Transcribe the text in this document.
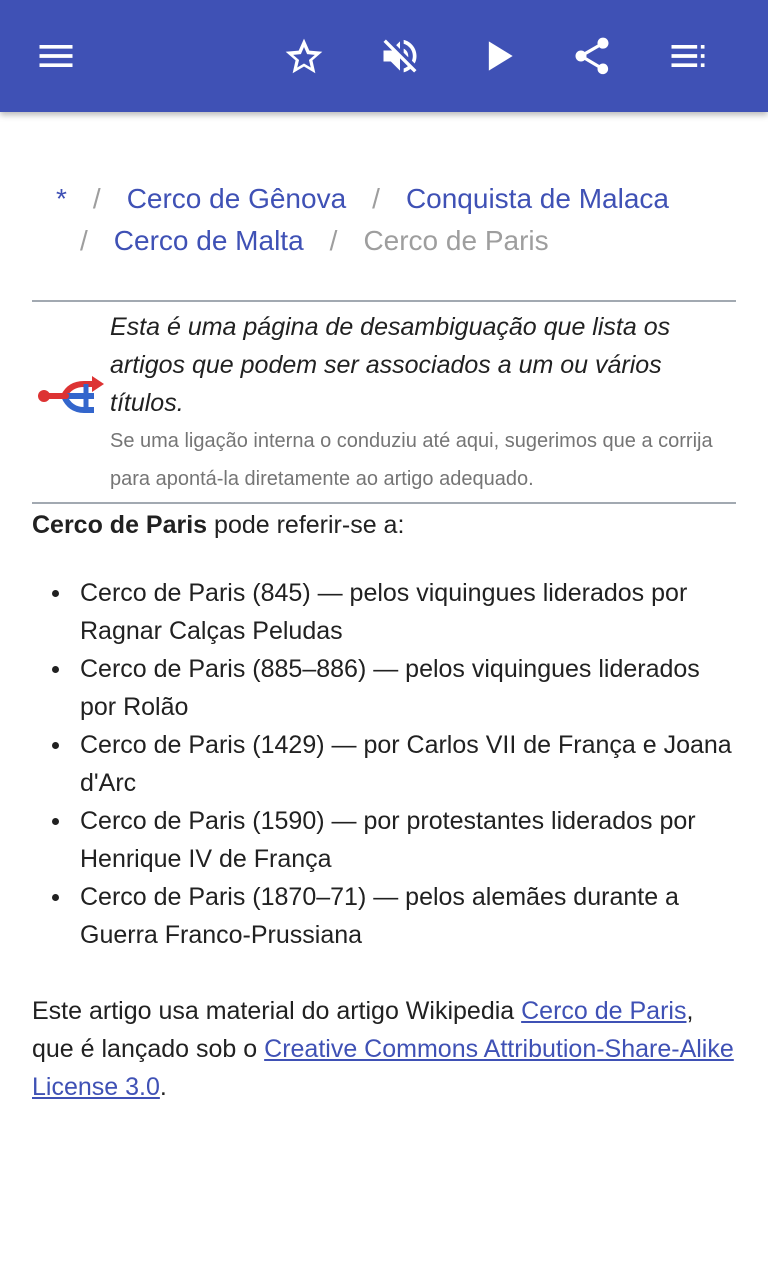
* / Cerco de Gênova / Conquista de Malaca
/ Cerco de Malta / Cerco de Paris

Esta é uma página de desambiguação que lista os artigos que podem ser associados a um ou vários títulos.

Se uma ligação interna o conduziu até aqui, sugerimos que a corrija para apontá-la diretamente ao artigo adequado.

Cerco de Paris pode referir-se a:

Cerco de Paris (845) — pelos viquingues liderados por Ragnar Calças Peludas
Cerco de Paris (885–886) — pelos viquingues liderados por Rolão
Cerco de Paris (1429) — por Carlos VII de França e Joana d'Arc
Cerco de Paris (1590) — por protestantes liderados por Henrique IV de França
Cerco de Paris (1870–71) — pelos alemães durante a Guerra Franco-Prussiana

Este artigo usa material do artigo Wikipedia Cerco de Paris, que é lançado sob o Creative Commons Attribution-Share-Alike License 3.0.
